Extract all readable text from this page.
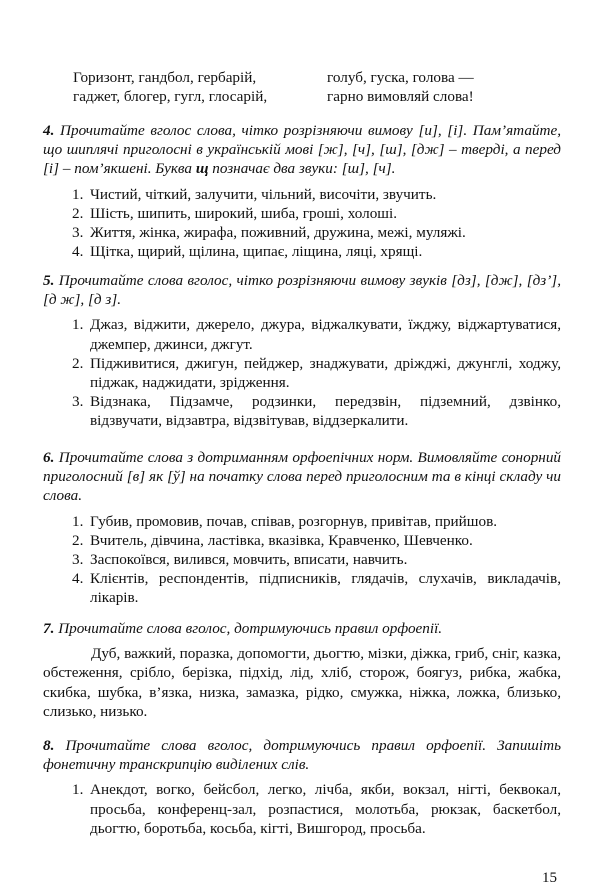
Горизонт, гандбол, гербарій,	голуб, гуска, голова —
гаджет, блогер, гугл, глосарій,	гарно вимовляй слова!

4. Прочитайте вголос слова, чітко розрізняючи вимову [и], [і]. Пам’ятайте, що шиплячі приголосні в українській мові [ж], [ч], [ш], [дж] – тверді, а перед [і] – пом’якшені. Буква щ позначає два звуки: [ш], [ч].

1. Чистий, чіткий, залучити, чільний, височіти, звучить.
2. Шість, шипить, широкий, шиба, гроші, холоші.
3. Життя, жінка, жирафа, поживний, дружина, межі, муляжі.
4. Щітка, щирий, щілина, щипає, ліщина, ляці, хрящі.

5. Прочитайте слова вголос, чітко розрізняючи вимову звуків [дз], [дж], [дз’], [д ж], [д з].

1. Джаз, віджити, джерело, джура, віджалкувати, їжджу, віджартуватися, джемпер, джинси, джгут.
2. Підживитися, джигун, пейджер, знаджувати, дріжджі, джунглі, ходжу, піджак, наджидати, зрідження.
3. Відзнака, Підзамче, родзинки, передзвін, підземний, дзвінко, відзвучати, відзавтра, відзвітував, віддзеркалити.

6. Прочитайте слова з дотриманням орфоепічних норм. Вимовляйте сонорний приголосний [в] як [ў] на початку слова перед приголосним та в кінці складу чи слова.

1. Губив, промовив, почав, співав, розгорнув, привітав, прийшов.
2. Вчитель, дівчина, ластівка, вказівка, Кравченко, Шевченко.
3. Заспокоївся, вилився, мовчить, вписати, навчить.
4. Клієнтів, респондентів, підписників, глядачів, слухачів, викладачів, лікарів.

7. Прочитайте слова вголос, дотримуючись правил орфоепії.

Дуб, важкий, поразка, допомогти, дьогтю, мізки, діжка, гриб, сніг, казка, обстеження, срібло, берізка, підхід, лід, хліб, сторож, боягуз, рибка, жабка, скибка, шубка, в’язка, низка, замазка, рідко, смужка, ніжка, ложка, близько, слизько, низько.

8. Прочитайте слова вголос, дотримуючись правил орфоепії. Запишіть фонетичну транскрипцію виділених слів.

1. Анекдот, вогко, бейсбол, легко, лічба, якби, вокзал, нігті, беквокал, просьба, конференц-зал, розпастися, молотьба, рюкзак, баскетбол, дьогтю, боротьба, косьба, кігті, Вишгород, просьба.
15
